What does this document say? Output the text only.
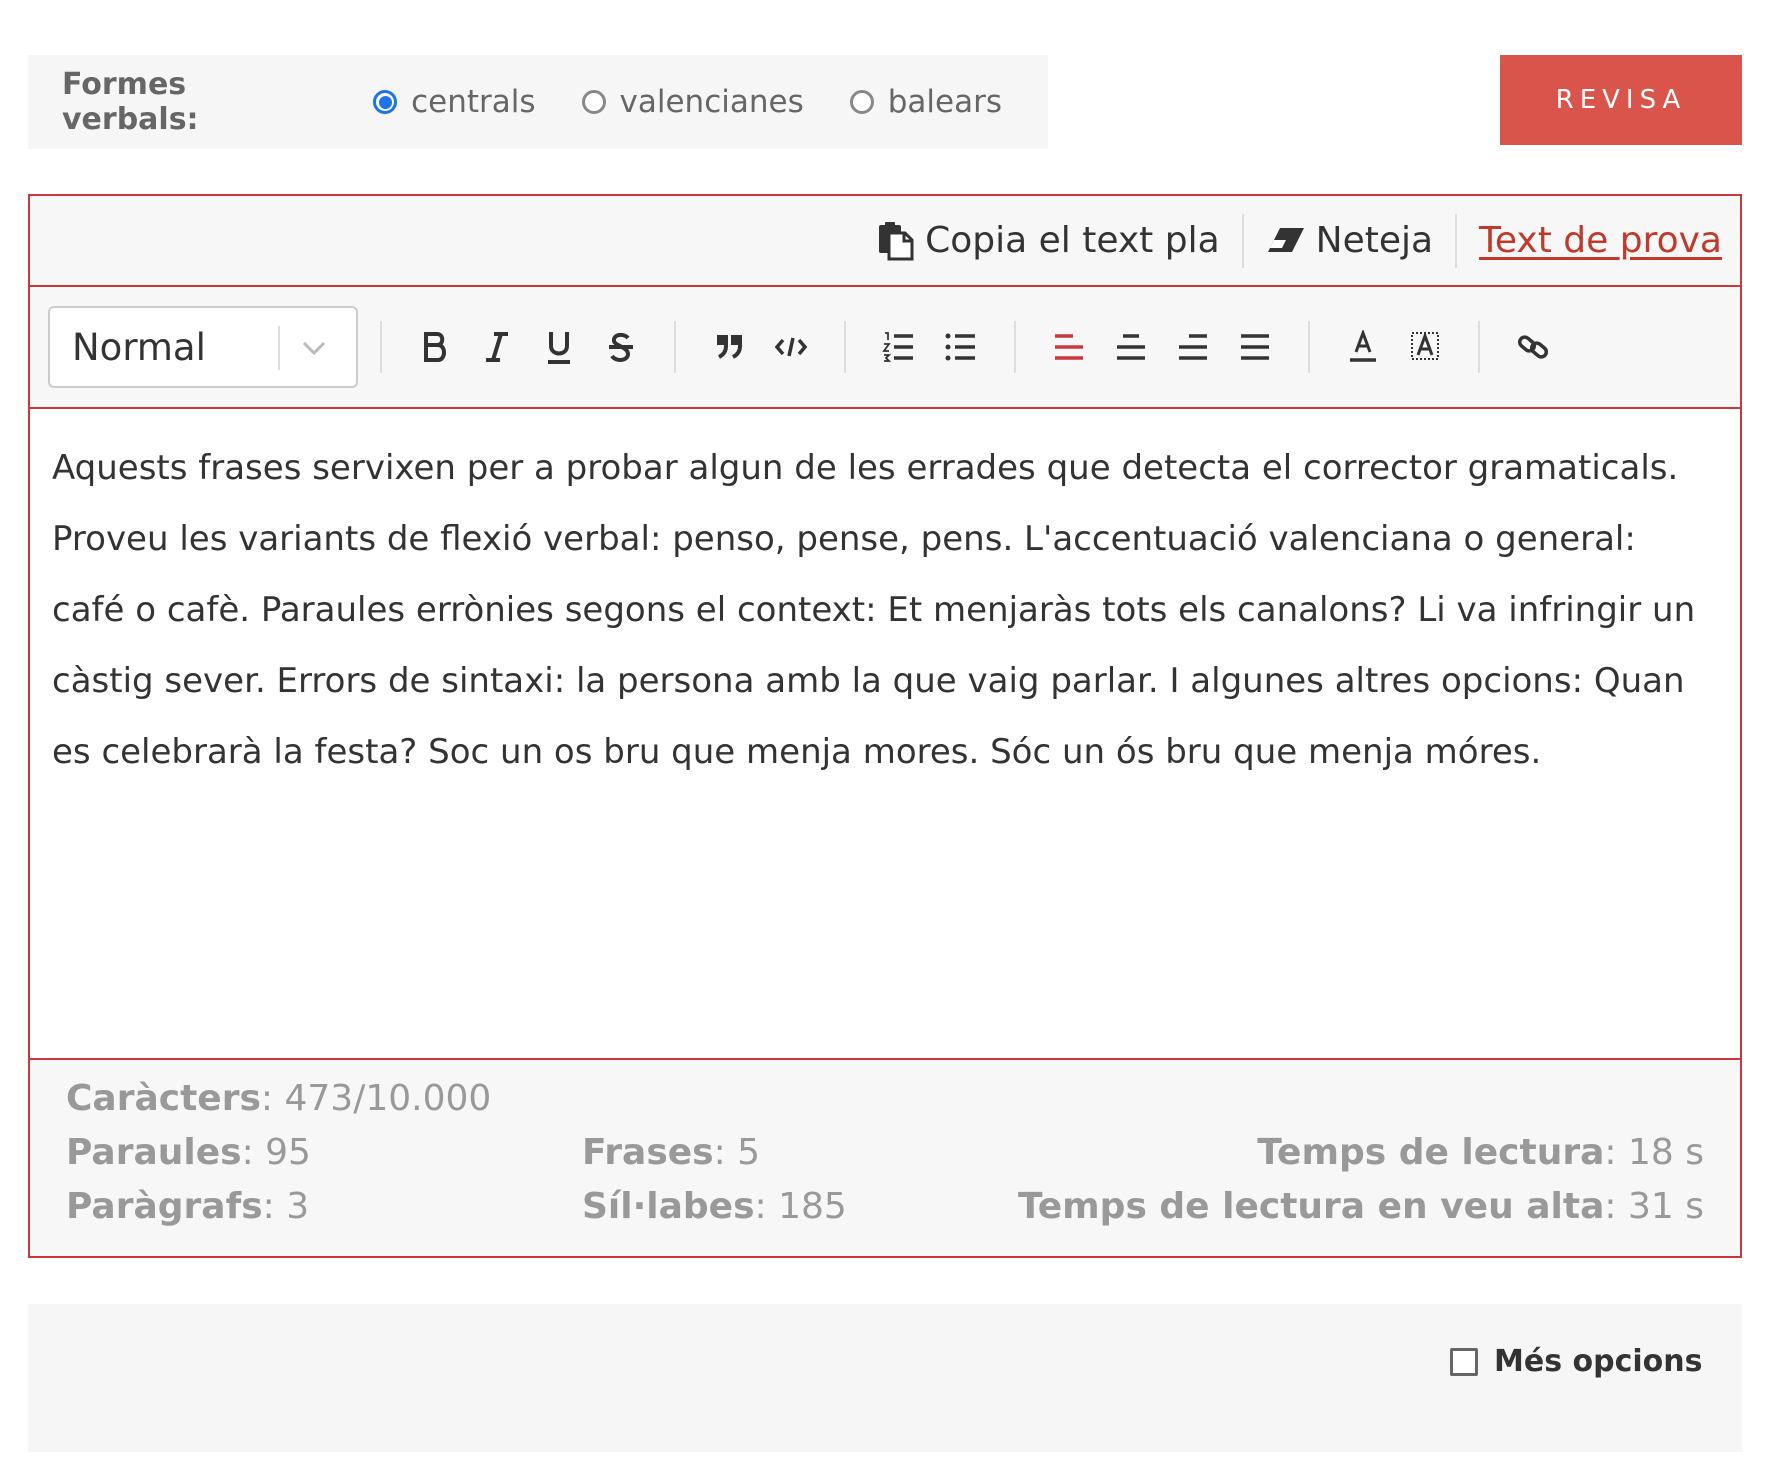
Formes verbals:	centrals	valencianes	balears	REVISA
Copia el text pla	Neteja	Text de prova
Normal
Aquests frases servixen per a probar algun de les errades que detecta el corrector gramaticals. Proveu les variants de flexió verbal: penso, pense, pens. L'accentuació valenciana o general: café o cafè. Paraules errònies segons el context: Et menjaràs tots els canalons? Li va infringir un càstig sever. Errors de sintaxi: la persona amb la que vaig parlar. I algunes altres opcions: Quan es celebrarà la festa? Soc un os bru que menja mores. Sóc un ós bru que menja móres.
Caràcters: 473/10.000
Paraules: 95	Frases: 5	Temps de lectura: 18 s
Paràgrafs: 3	Síl·labes: 185	Temps de lectura en veu alta: 31 s
Més opcions
